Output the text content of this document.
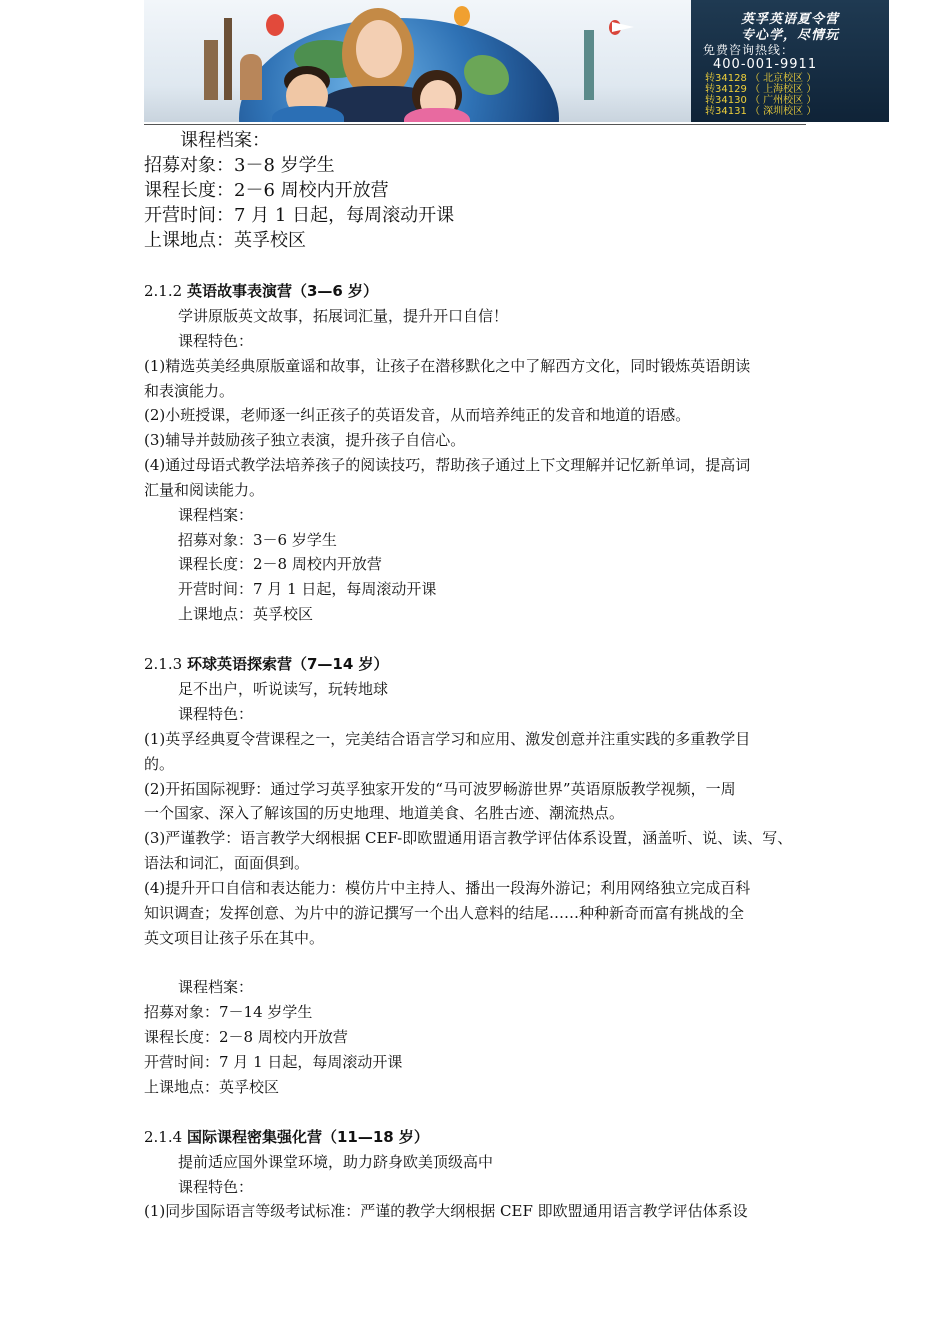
英孚英语夏令营
专心学，尽情玩
免费咨询热线：
400-001-9911
转34128 （ 北京校区 ）
转34129 （ 上海校区 ）
转34130 （ 广州校区 ）
转34131 （ 深圳校区 ）
课程档案：
招募对象：3－8 岁学生
课程长度：2－6 周校内开放营
开营时间：7 月 1 日起，每周滚动开课
上课地点：英孚校区
2.1.2 英语故事表演营（3—6 岁）
学讲原版英文故事，拓展词汇量，提升开口自信！
课程特色：
(1)精选英美经典原版童谣和故事，让孩子在潜移默化之中了解西方文化，同时锻炼英语朗读
和表演能力。
(2)小班授课，老师逐一纠正孩子的英语发音，从而培养纯正的发音和地道的语感。
(3)辅导并鼓励孩子独立表演，提升孩子自信心。
(4)通过母语式教学法培养孩子的阅读技巧，帮助孩子通过上下文理解并记忆新单词，提高词
汇量和阅读能力。
课程档案：
招募对象：3－6 岁学生
课程长度：2－8 周校内开放营
开营时间：7 月 1 日起，每周滚动开课
上课地点：英孚校区
2.1.3 环球英语探索营（7—14 岁）
足不出户，听说读写，玩转地球
课程特色：
(1)英孚经典夏令营课程之一，完美结合语言学习和应用、激发创意并注重实践的多重教学目
的。
(2)开拓国际视野：通过学习英孚独家开发的“马可波罗畅游世界”英语原版教学视频，一周
一个国家、深入了解该国的历史地理、地道美食、名胜古迹、潮流热点。
(3)严谨教学：语言教学大纲根据 CEF-即欧盟通用语言教学评估体系设置，涵盖听、说、读、写、
语法和词汇，面面俱到。
(4)提升开口自信和表达能力：模仿片中主持人、播出一段海外游记；利用网络独立完成百科
知识调查；发挥创意、为片中的游记撰写一个出人意料的结尾……种种新奇而富有挑战的全
英文项目让孩子乐在其中。
课程档案：
招募对象：7－14 岁学生
课程长度：2－8 周校内开放营
开营时间：7 月 1 日起，每周滚动开课
上课地点：英孚校区
2.1.4 国际课程密集强化营（11—18 岁）
提前适应国外课堂环境，助力跻身欧美顶级高中
课程特色：
(1)同步国际语言等级考试标准：严谨的教学大纲根据 CEF 即欧盟通用语言教学评估体系设
